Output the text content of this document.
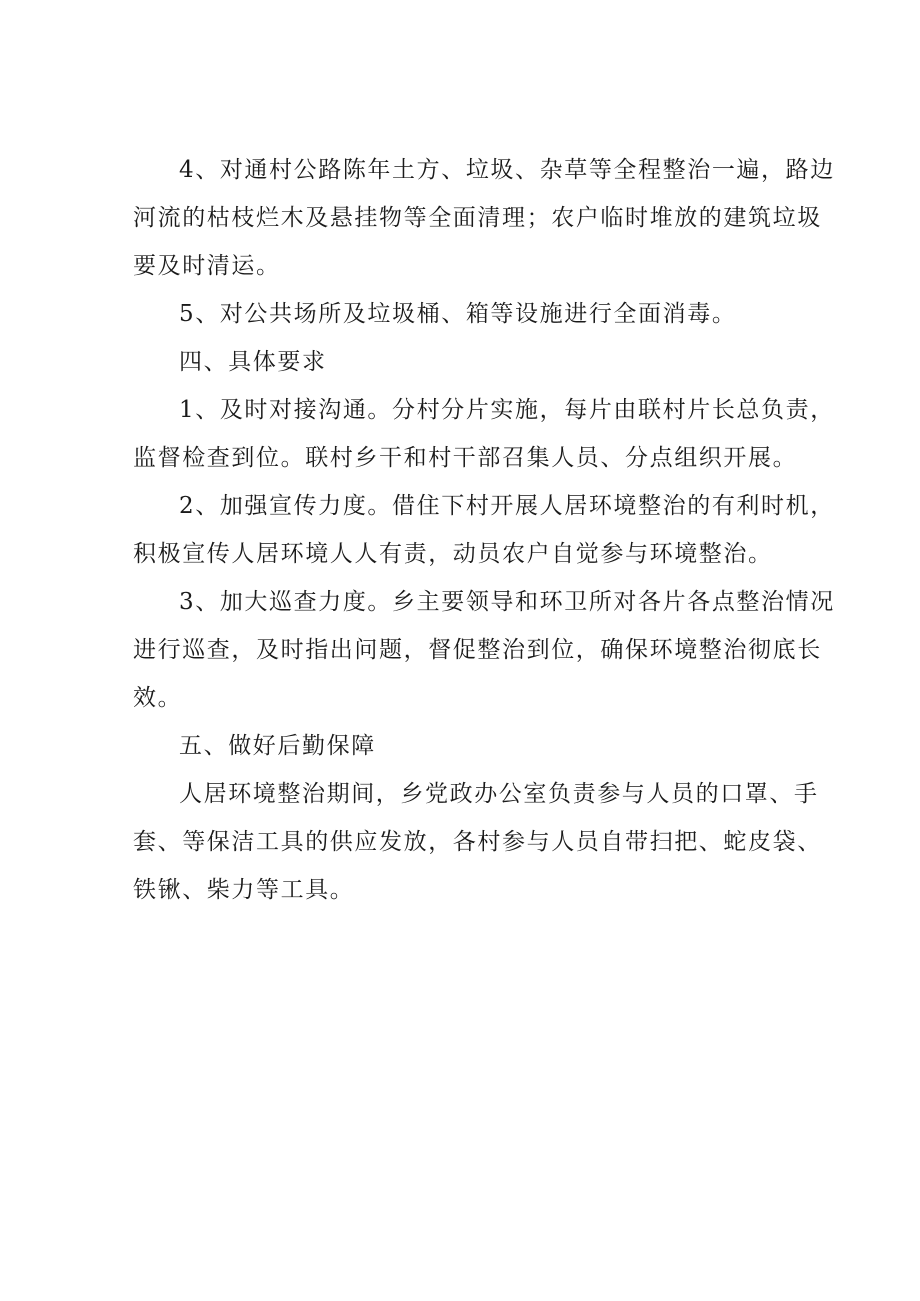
4、对通村公路陈年土方、垃圾、杂草等全程整治一遍，路边
河流的枯枝烂木及悬挂物等全面清理；农户临时堆放的建筑垃圾
要及时清运。

5、对公共场所及垃圾桶、箱等设施进行全面消毒。

四、具体要求

1、及时对接沟通。分村分片实施，每片由联村片长总负责，
监督检查到位。联村乡干和村干部召集人员、分点组织开展。

2、加强宣传力度。借住下村开展人居环境整治的有利时机，
积极宣传人居环境人人有责，动员农户自觉参与环境整治。

3、加大巡查力度。乡主要领导和环卫所对各片各点整治情况
进行巡查，及时指出问题，督促整治到位，确保环境整治彻底长
效。

五、做好后勤保障

人居环境整治期间，乡党政办公室负责参与人员的口罩、手
套、等保洁工具的供应发放，各村参与人员自带扫把、蛇皮袋、
铁锹、柴力等工具。
